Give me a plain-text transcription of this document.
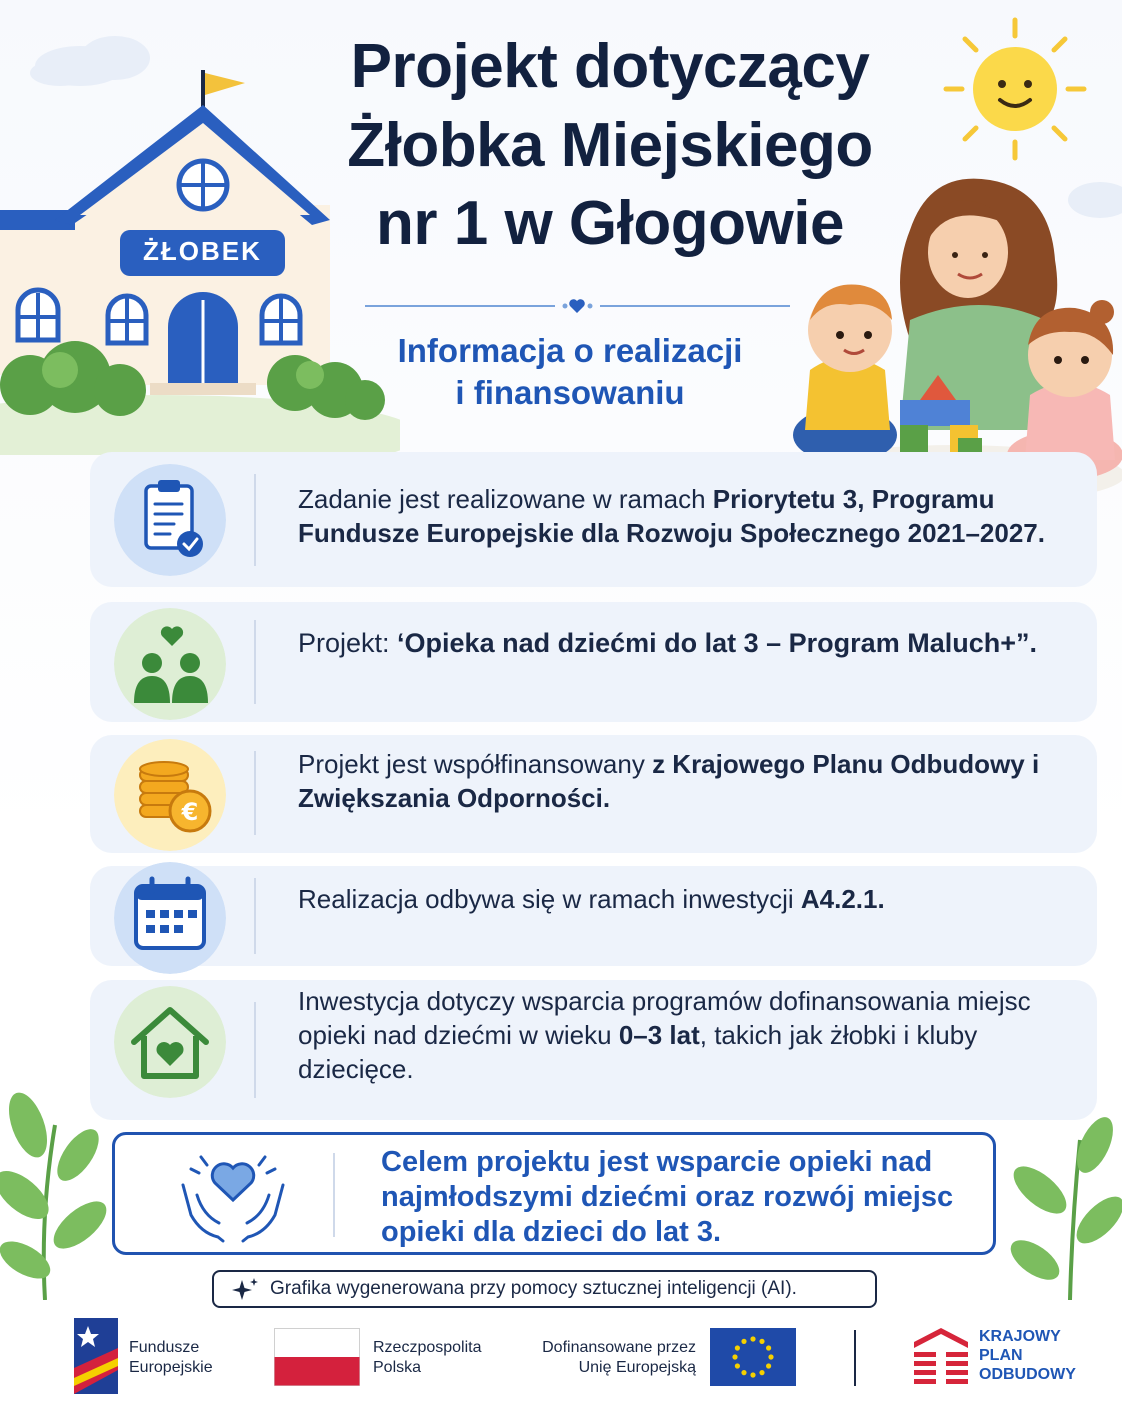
ŻŁOBEK
Projekt dotyczący
Żłobka Miejskiego
nr 1 w Głogowie
Informacja o realizacji
i finansowaniu
Zadanie jest realizowane w ramach Priorytetu 3, Programu Fundusze Europejskie dla Rozwoju Społecznego 2021–2027.
Projekt: ‘Opieka nad dziećmi do lat 3 – Program Maluch+”.
€
Projekt jest współfinansowany z Krajowego Planu Odbudowy i Zwiększania Odporności.
Realizacja odbywa się w ramach inwestycji A4.2.1.
Inwestycja dotyczy wsparcia programów dofinansowania miejsc opieki nad dziećmi w wieku 0–3 lat, takich jak żłobki i kluby dziecięce.
Celem projektu jest wsparcie opieki nad najmłodszymi dziećmi oraz rozwój miejsc opieki dla dzieci do lat 3.
Grafika wygenerowana przy pomocy sztucznej inteligencji (AI).
Fundusze
Europejskie
Rzeczpospolita
Polska
Dofinansowane przez
Unię Europejską
KRAJOWY
PLAN
ODBUDOWY
